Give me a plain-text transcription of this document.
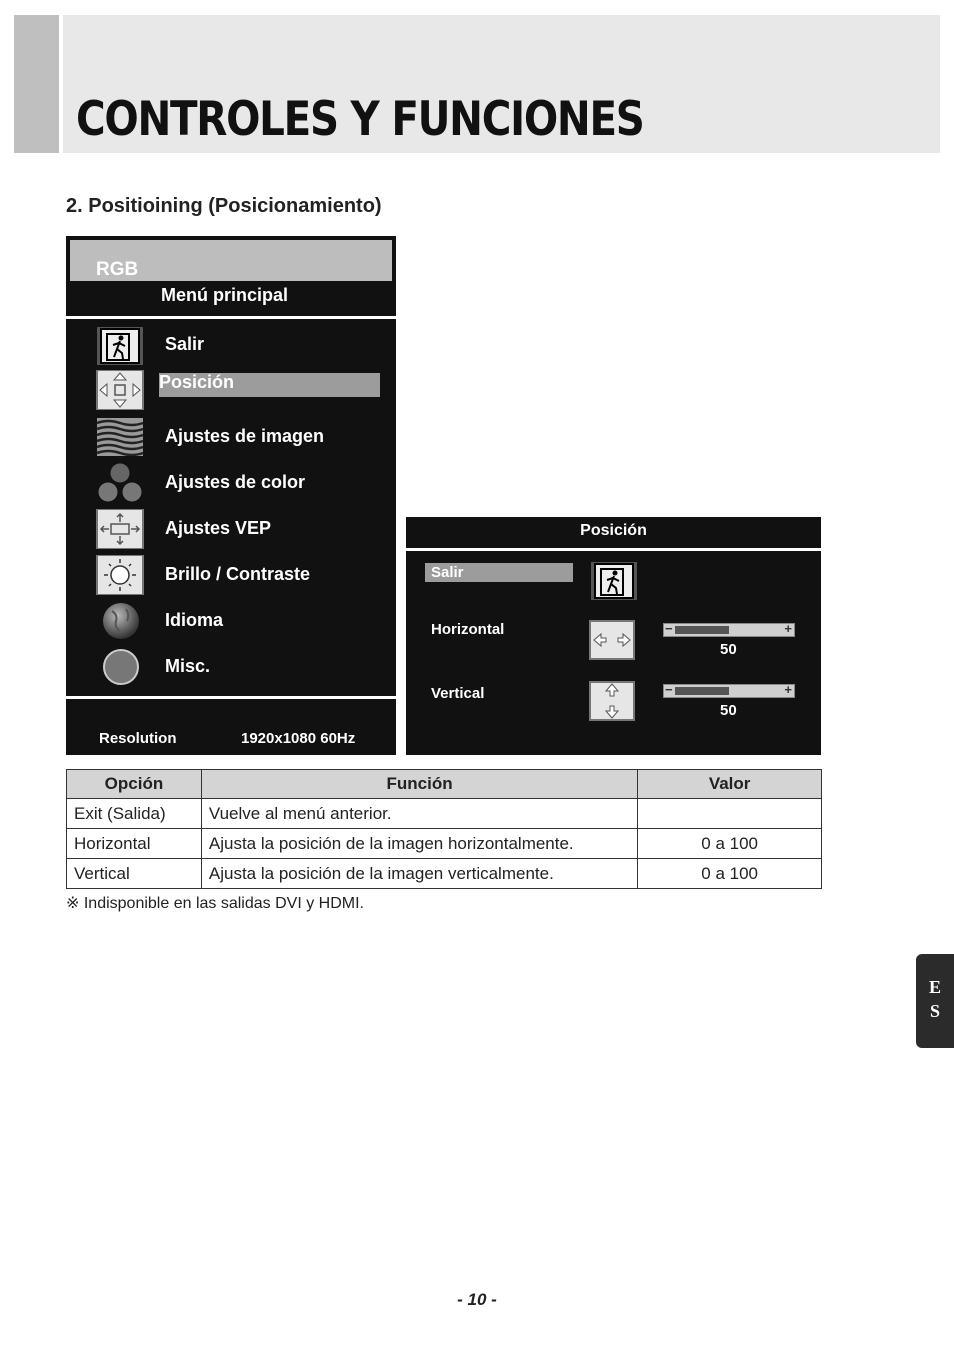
CONTROLES Y FUNCIONES
2. Positioining (Posicionamiento)
RGB
Menú principal
Salir
Posición
Ajustes de imagen
Ajustes de color
Ajustes VEP
Brillo / Contraste
Idioma
Misc.
Resolution	1920x1080 60Hz
Posición
Salir
Horizontal	−	+
50
Vertical	−	+
50
Opción	Función	Valor
Exit (Salida)	Vuelve al menú anterior.	
Horizontal	Ajusta la posición de la imagen horizontalmente.	0 a 100
Vertical	Ajusta la posición de la imagen verticalmente.	0 a 100
※ Indisponible en las salidas DVI y HDMI.
E
S
- 10 -
